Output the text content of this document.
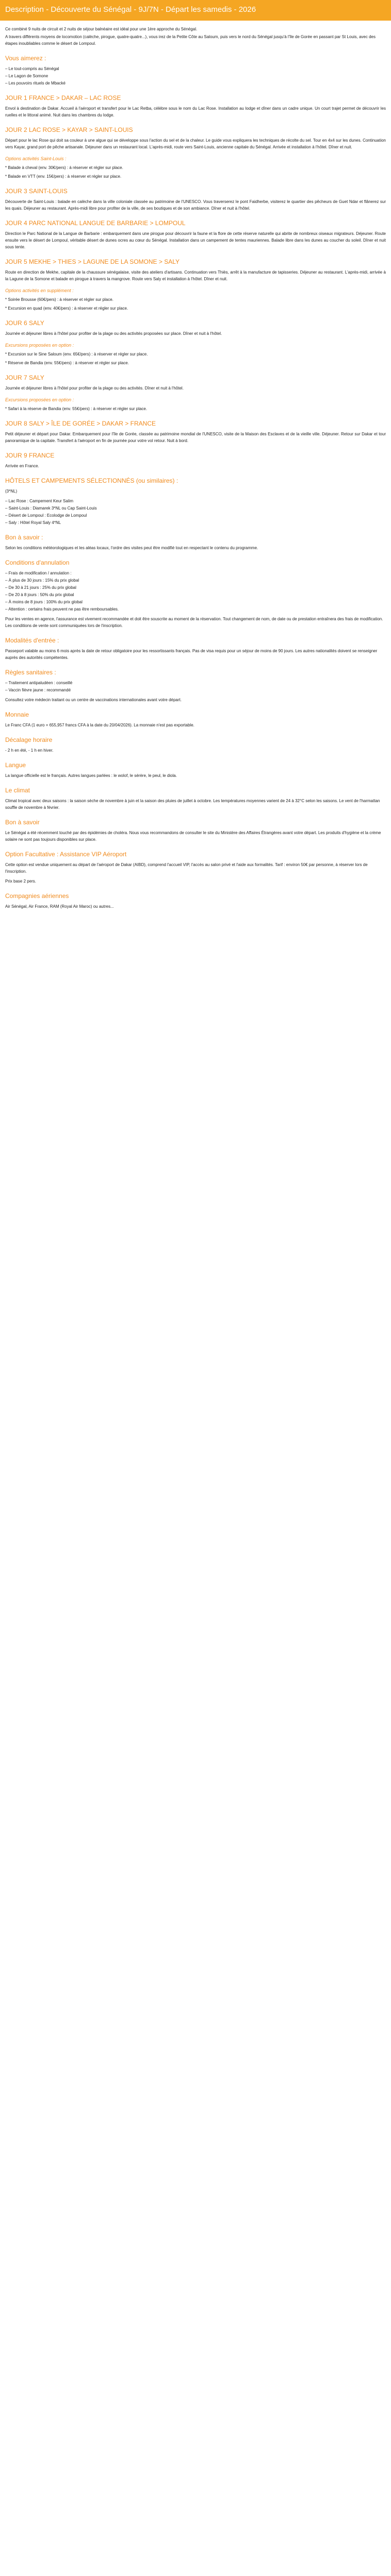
Description - Découverte du Sénégal - 9J/7N - Départ les samedis - 2026

Ce combiné 9 nuits de circuit et 2 nuits de séjour balnéaire est idéal pour une 1ère approche du Sénégal.

A travers différents moyens de locomotion (calèche, pirogue, quatre-quatre...), vous irez de la Petite Côte au Saloum, puis vers le nord du Sénégal jusqu'à l'île de Gorée en passant par St Louis, avec des étapes inoubliables comme le désert de Lompoul.

Vous aimerez :
– Le tout-compris au Sénégal
– Le Lagon de Somone
– Les pouvoirs rituels de Mbacké
JOUR 1 FRANCE > DAKAR – LAC ROSE

Envol à destination de Dakar. Accueil à l'aéroport et transfert pour le Lac Retba, célèbre sous le nom du Lac Rose. Installation au lodge et dîner dans un cadre unique. Un court trajet permet de découvrir les ruelles et le littoral animé. Nuit dans les chambres du lodge.

JOUR 2 LAC ROSE > KAYAR > SAINT-LOUIS

Départ pour le lac Rose qui doit sa couleur à une algue qui se développe sous l'action du sel et de la chaleur. Le guide vous expliquera les techniques de récolte du sel. Tour en 4x4 sur les dunes. Continuation vers Kayar, grand port de pêche artisanale. Déjeuner dans un restaurant local. L'après-midi, route vers Saint-Louis, ancienne capitale du Sénégal. Arrivée et installation à l'hôtel. Dîner et nuit.

Options activités Saint-Louis :

* Balade à cheval (env. 30€/pers) : à réserver et régler sur place.

* Balade en VTT (env. 15€/pers) : à réserver et régler sur place.

JOUR 3 SAINT-LOUIS

Découverte de Saint-Louis : balade en calèche dans la ville coloniale classée au patrimoine de l'UNESCO. Vous traverserez le pont Faidherbe, visiterez le quartier des pêcheurs de Guet Ndar et flânerez sur les quais. Déjeuner au restaurant. Après-midi libre pour profiter de la ville, de ses boutiques et de son ambiance. Dîner et nuit à l'hôtel.

JOUR 4 PARC NATIONAL LANGUE DE BARBARIE > LOMPOUL

Direction le Parc National de la Langue de Barbarie : embarquement dans une pirogue pour découvrir la faune et la flore de cette réserve naturelle qui abrite de nombreux oiseaux migrateurs. Déjeuner. Route ensuite vers le désert de Lompoul, véritable désert de dunes ocres au cœur du Sénégal. Installation dans un campement de tentes mauriennes. Balade libre dans les dunes au coucher du soleil. Dîner et nuit sous tente.

JOUR 5 MEKHE > THIES > LAGUNE DE LA SOMONE > SALY

Route en direction de Mekhe, capitale de la chaussure sénégalaise, visite des ateliers d'artisans. Continuation vers Thiès, arrêt à la manufacture de tapisseries. Déjeuner au restaurant. L'après-midi, arrivée à la Lagune de la Somone et balade en pirogue à travers la mangrove. Route vers Saly et installation à l'hôtel. Dîner et nuit.

Options activités en supplément :

* Soirée Brousse (60€/pers) : à réserver et régler sur place.

* Excursion en quad (env. 40€/pers) : à réserver et régler sur place.

JOUR 6 SALY

Journée et déjeuner libres à l'hôtel pour profiter de la plage ou des activités proposées sur place. Dîner et nuit à l'hôtel.

Excursions proposées en option :

* Excursion sur le Sine Saloum (env. 65€/pers) : à réserver et régler sur place.

* Réserve de Bandia (env. 55€/pers) : à réserver et régler sur place.

JOUR 7 SALY

Journée et déjeuner libres à l'hôtel pour profiter de la plage ou des activités. Dîner et nuit à l'hôtel.

Excursions proposées en option :

* Safari à la réserve de Bandia (env. 55€/pers) : à réserver et régler sur place.

JOUR 8 SALY > ÎLE DE GORÉE > DAKAR > FRANCE

Petit déjeuner et départ pour Dakar. Embarquement pour l'île de Gorée, classée au patrimoine mondial de l'UNESCO, visite de la Maison des Esclaves et de la vieille ville. Déjeuner. Retour sur Dakar et tour panoramique de la capitale. Transfert à l'aéroport en fin de journée pour votre vol retour. Nuit à bord.

JOUR 9 FRANCE

Arrivée en France.

HÔTELS ET CAMPEMENTS SÉLECTIONNÉS (ou similaires) :

(3*NL)

– Lac Rose : Campement Keur Salim
– Saint-Louis : Diamarek 3*NL ou Cap Saint-Louis
– Désert de Lompoul : Ecolodge de Lompoul
– Saly : Hôtel Royal Saly 4*NL
Bon à savoir :

Selon les conditions météorologiques et les aléas locaux, l'ordre des visites peut être modifié tout en respectant le contenu du programme.

Conditions d'annulation
– Frais de modification / annulation :
– À plus de 30 jours : 15% du prix global
– De 30 à 21 jours : 25% du prix global
– De 20 à 8 jours : 50% du prix global
– À moins de 8 jours : 100% du prix global
– Attention : certains frais peuvent ne pas être remboursables.

Pour les ventes en agence, l'assurance est vivement recommandée et doit être souscrite au moment de la réservation. Tout changement de nom, de date ou de prestation entraînera des frais de modification. Les conditions de vente sont communiquées lors de l'inscription.

Modalités d'entrée :

Passeport valable au moins 6 mois après la date de retour obligatoire pour les ressortissants français. Pas de visa requis pour un séjour de moins de 90 jours. Les autres nationalités doivent se renseigner auprès des autorités compétentes.

Règles sanitaires :
– Traitement antipaludéen : conseillé
– Vaccin fièvre jaune : recommandé

Consultez votre médecin traitant ou un centre de vaccinations internationales avant votre départ.

Monnaie

Le Franc CFA (1 euro = 655,957 francs CFA à la date du 20/04/2026). La monnaie n'est pas exportable.

Décalage horaire

- 2 h en été, - 1 h en hiver.

Langue

La langue officielle est le français. Autres langues parlées : le wolof, le sérère, le peul, le diola.

Le climat

Climat tropical avec deux saisons : la saison sèche de novembre à juin et la saison des pluies de juillet à octobre. Les températures moyennes varient de 24 à 32°C selon les saisons. Le vent de l'harmattan souffle de novembre à février.

Bon à savoir

Le Sénégal a été récemment touché par des épidémies de choléra. Nous vous recommandons de consulter le site du Ministère des Affaires Étrangères avant votre départ. Les produits d'hygiène et la crème solaire ne sont pas toujours disponibles sur place.

Option Facultative : Assistance VIP Aéroport

Cette option est vendue uniquement au départ de l'aéroport de Dakar (AIBD), comprend l'accueil VIP, l'accès au salon privé et l'aide aux formalités. Tarif : environ 50€ par personne, à réserver lors de l'inscription.

Prix base 2 pers.

Compagnies aériennes

Air Sénégal, Air France, RAM (Royal Air Maroc) ou autres...
